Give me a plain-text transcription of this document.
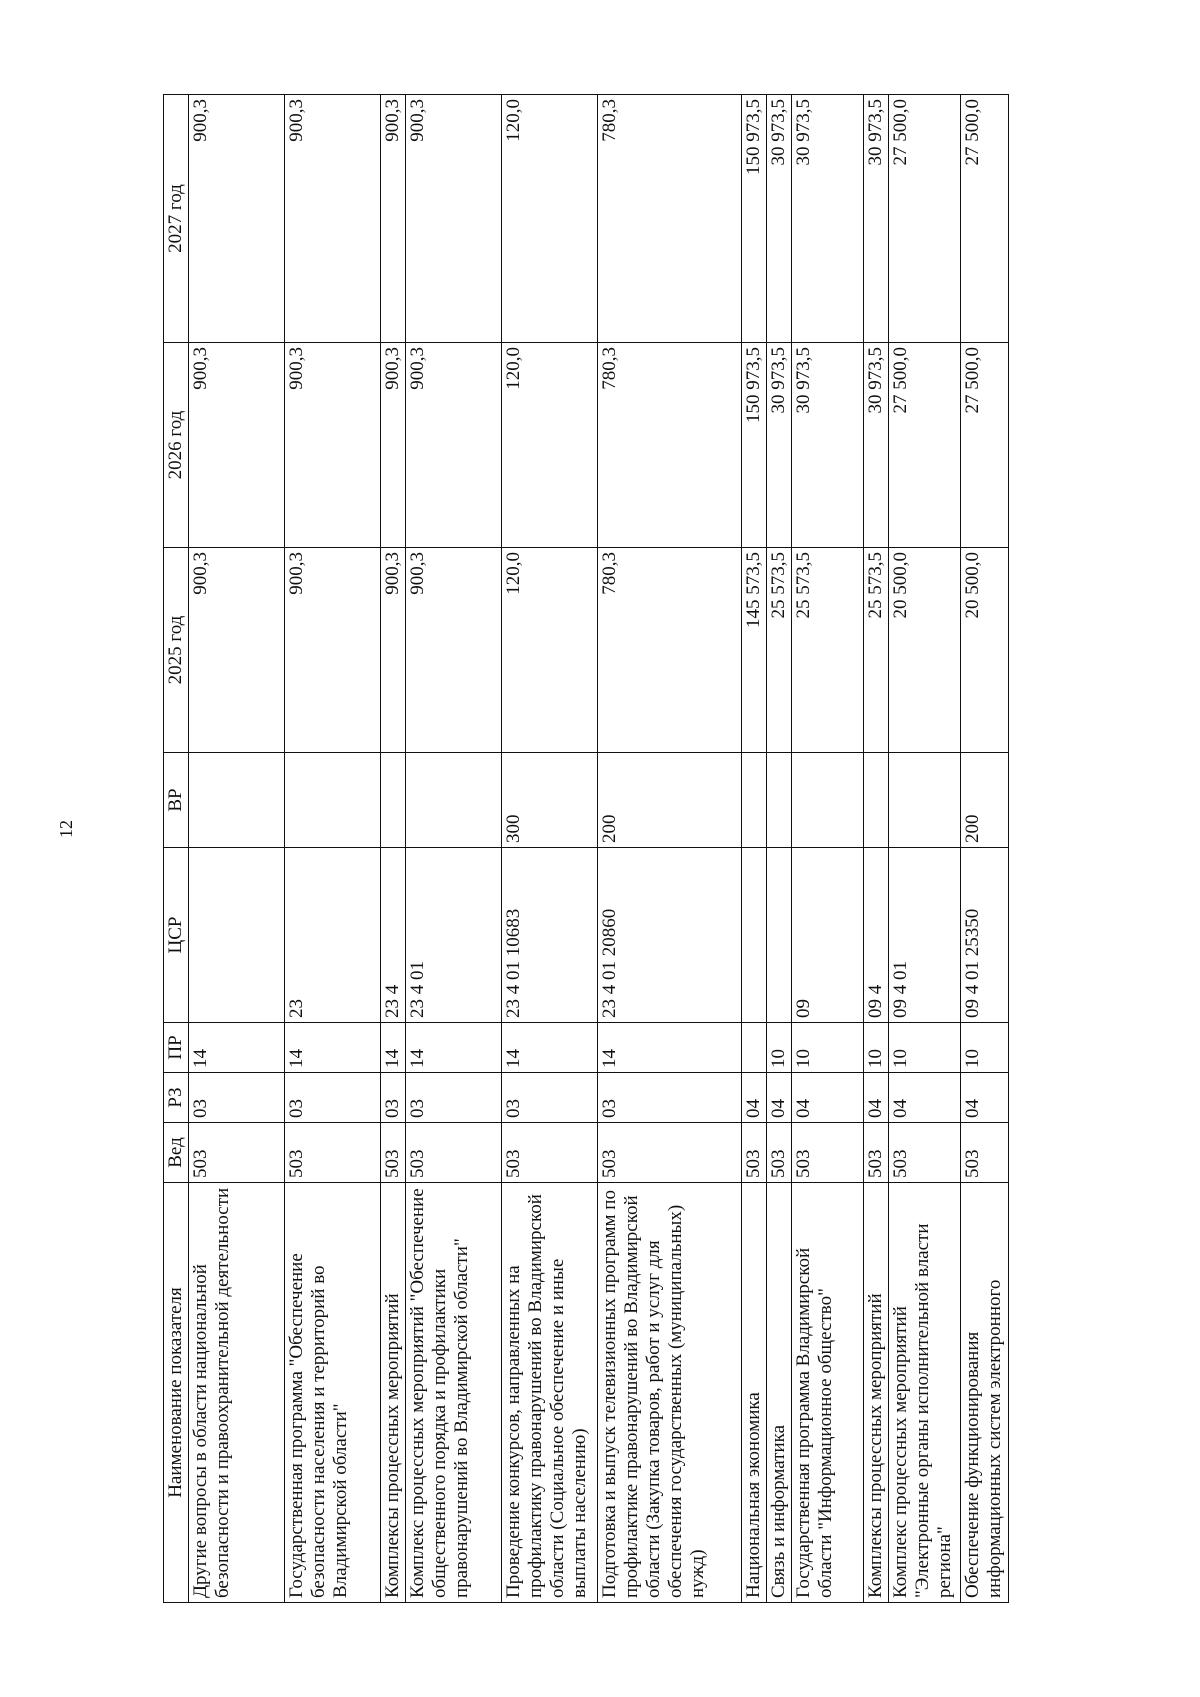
12
Наименование показателя	Вед	РЗ	ПР	ЦСР	ВР	2025 год	2026 год	2027 год
Другие вопросы в области национальной безопасности и правоохранительной деятельности	503	03	14			900,3	900,3	900,3
Государственная программа "Обеспечение безопасности населения и территорий во Владимирской области"	503	03	14	23		900,3	900,3	900,3
Комплексы процессных мероприятий	503	03	14	23 4		900,3	900,3	900,3
Комплекс процессных мероприятий "Обеспечение общественного порядка и профилактики правонарушений во Владимирской области"	503	03	14	23 4 01		900,3	900,3	900,3
Проведение конкурсов, направленных на профилактику правонарушений во Владимирской области (Социальное обеспечение и иные выплаты населению)	503	03	14	23 4 01 10683	300	120,0	120,0	120,0
Подготовка и выпуск телевизионных программ по профилактике правонарушений во Владимирской области (Закупка товаров, работ и услуг для обеспечения государственных (муниципальных) нужд)	503	03	14	23 4 01 20860	200	780,3	780,3	780,3
Национальная экономика	503	04				145 573,5	150 973,5	150 973,5
Связь и информатика	503	04	10			25 573,5	30 973,5	30 973,5
Государственная программа Владимирской области "Информационное общество"	503	04	10	09		25 573,5	30 973,5	30 973,5
Комплексы процессных мероприятий	503	04	10	09 4		25 573,5	30 973,5	30 973,5
Комплекс процессных мероприятий "Электронные органы исполнительной власти региона"	503	04	10	09 4 01		20 500,0	27 500,0	27 500,0
Обеспечение функционирования информационных систем электронного	503	04	10	09 4 01 25350	200	20 500,0	27 500,0	27 500,0
